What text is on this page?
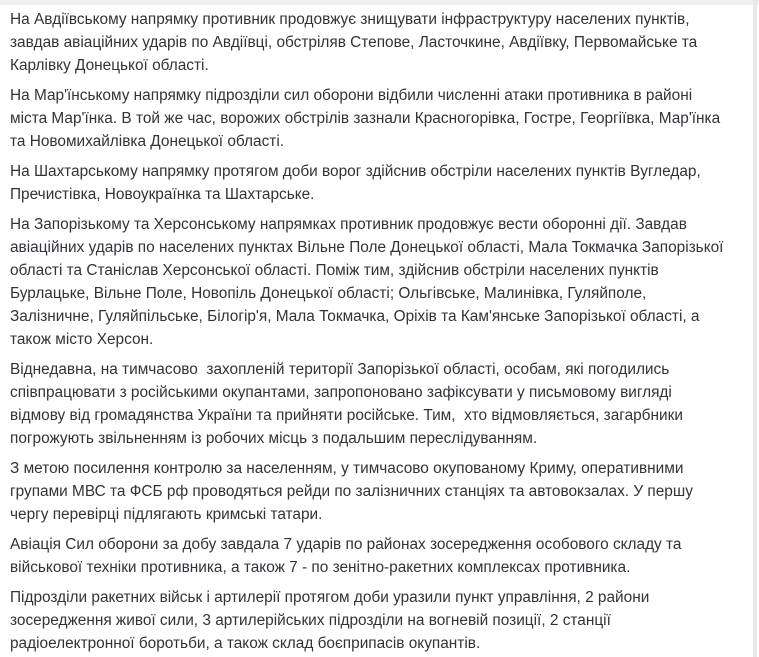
На Авдіївському напрямку противник продовжує знищувати інфраструктуру населених пунктів, завдав авіаційних ударів по Авдіївці, обстріляв Степове, Ласточкине, Авдіївку, Первомайське та Карлівку Донецької області.

На Мар'їнському напрямку підрозділи сил оборони відбили численні атаки противника в районі міста Мар'їнка. В той же час, ворожих обстрілів зазнали Красногорівка, Гостре, Георгіївка, Мар'їнка та Новомихайлівка Донецької області.

На Шахтарському напрямку протягом доби ворог здійснив обстріли населених пунктів Вугледар, Пречистівка, Новоукраїнка та Шахтарське.

На Запорізькому та Херсонському напрямках противник продовжує вести оборонні дії. Завдав авіаційних ударів по населених пунктах Вільне Поле Донецької області, Мала Токмачка Запорізької області та Станіслав Херсонської області. Поміж тим, здійснив обстріли населених пунктів Бурлацьке, Вільне Поле, Новопіль Донецької області; Ольгівське, Малинівка, Гуляйполе, Залізничне, Гуляйпільське, Білогір'я, Мала Токмачка, Оріхів та Кам'янське Запорізької області, а також місто Херсон.

Віднедавна, на тимчасово  захопленій території Запорізької області, особам, які погодились співпрацювати з російськими окупантами, запропоновано зафіксувати у письмовому вигляді відмову від громадянства України та прийняти російське. Тим,  хто відмовляється, загарбники погрожують звільненням із робочих місць з подальшим переслідуванням.

З метою посилення контролю за населенням, у тимчасово окупованому Криму, оперативними групами МВС та ФСБ рф проводяться рейди по залізничних станціях та автовокзалах. У першу чергу перевірці підлягають кримські татари.

Авіація Сил оборони за добу завдала 7 ударів по районах зосередження особового складу та військової техніки противника, а також 7 - по зенітно-ракетних комплексах противника.

Підрозділи ракетних військ і артилерії протягом доби уразили пункт управління, 2 райони зосередження живої сили, 3 артилерійських підрозділи на вогневій позиції, 2 станції радіоелектронної боротьби, а також склад боєприпасів окупантів.
